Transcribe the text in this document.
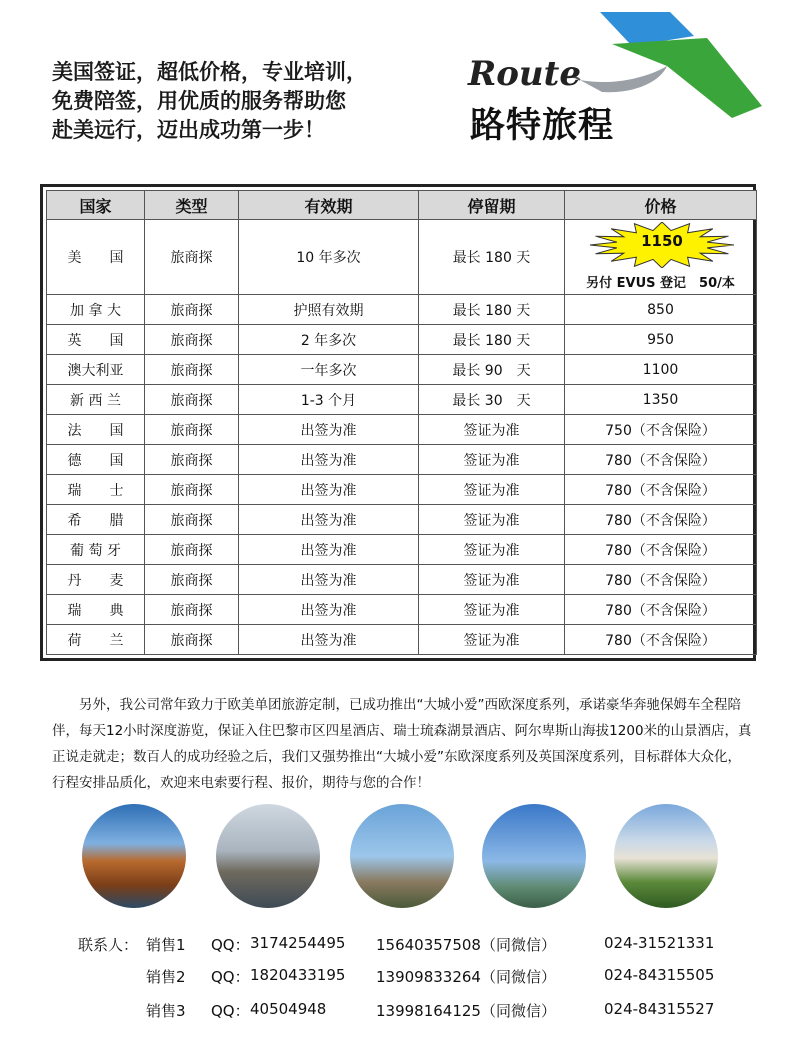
美国签证，超低价格，专业培训，
免费陪签，用优质的服务帮助您
赴美远行，迈出成功第一步！
Route
路特旅程
国家	类型	有效期	停留期	价格
美　　国	旅商探	10 年多次	最长 180 天	1150
另付 EVUS 登记　50/本

加 拿 大	旅商探	护照有效期	最长 180 天	850
英　　国	旅商探	2 年多次	最长 180 天	950
澳大利亚	旅商探	一年多次	最长 90　天	1100
新 西 兰	旅商探	1-3 个月	最长 30　天	1350
法　　国	旅商探	出签为准	签证为准	750（不含保险）
德　　国	旅商探	出签为准	签证为准	780（不含保险）
瑞　　士	旅商探	出签为准	签证为准	780（不含保险）
希　　腊	旅商探	出签为准	签证为准	780（不含保险）
葡 萄 牙	旅商探	出签为准	签证为准	780（不含保险）
丹　　麦	旅商探	出签为准	签证为准	780（不含保险）
瑞　　典	旅商探	出签为准	签证为准	780（不含保险）
荷　　兰	旅商探	出签为准	签证为准	780（不含保险）
另外，我公司常年致力于欧美单团旅游定制，已成功推出“大城小爱”西欧深度系列，承诺豪华奔驰保姆车全程陪伴，每天12小时深度游览，保证入住巴黎市区四星酒店、瑞士琉森湖景酒店、阿尔卑斯山海拔1200米的山景酒店，真正说走就走；数百人的成功经验之后，我们又强势推出“大城小爱”东欧深度系列及英国深度系列，目标群体大众化，行程安排品质化，欢迎来电索要行程、报价，期待与您的合作！
联系人： 销售1 QQ： 3174254495 15640357508（同微信）	024-31521331
销售2 QQ： 1820433195 13909833264（同微信）	024-84315505
销售3 QQ： 40504948	13998164125（同微信）	024-84315527
